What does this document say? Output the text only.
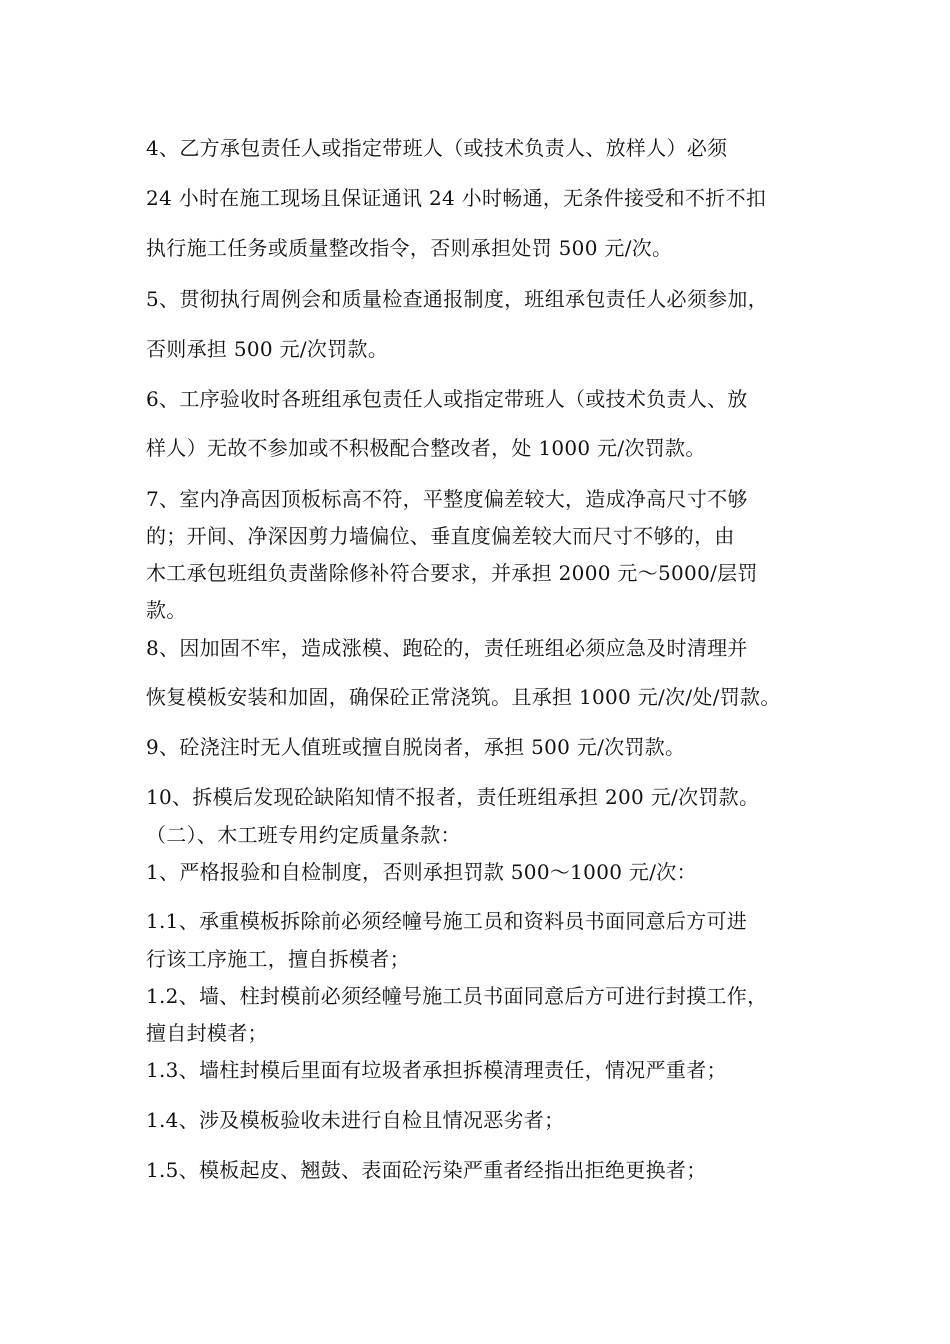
4、乙方承包责任人或指定带班人（或技术负责人、放样人）必须
24 小时在施工现场且保证通讯 24 小时畅通，无条件接受和不折不扣
执行施工任务或质量整改指令，否则承担处罚 500 元/次。
5、贯彻执行周例会和质量检查通报制度，班组承包责任人必须参加，
否则承担 500 元/次罚款。
6、工序验收时各班组承包责任人或指定带班人（或技术负责人、放
样人）无故不参加或不积极配合整改者，处 1000 元/次罚款。
7、室内净高因顶板标高不符，平整度偏差较大，造成净高尺寸不够
的；开间、净深因剪力墙偏位、垂直度偏差较大而尺寸不够的，由
木工承包班组负责凿除修补符合要求，并承担 2000 元～5000/层罚
款。
8、因加固不牢，造成涨模、跑砼的，责任班组必须应急及时清理并
恢复模板安装和加固，确保砼正常浇筑。且承担 1000 元/次/处/罚款。
9、砼浇注时无人值班或擅自脱岗者，承担 500 元/次罚款。
10、拆模后发现砼缺陷知情不报者，责任班组承担 200 元/次罚款。
（二）、木工班专用约定质量条款：
1、严格报验和自检制度，否则承担罚款 500～1000 元/次：
1.1、承重模板拆除前必须经幢号施工员和资料员书面同意后方可进
行该工序施工，擅自拆模者；
1.2、墙、柱封模前必须经幢号施工员书面同意后方可进行封摸工作，
擅自封模者；
1.3、墙柱封模后里面有垃圾者承担拆模清理责任，情况严重者；
1.4、涉及模板验收未进行自检且情况恶劣者；
1.5、模板起皮、翘鼓、表面砼污染严重者经指出拒绝更换者；
